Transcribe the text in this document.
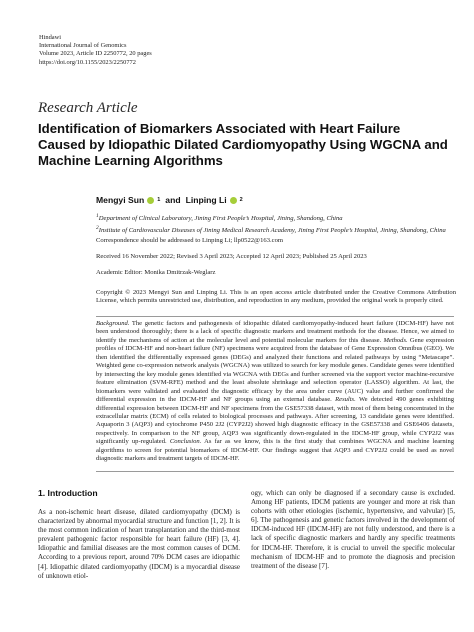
Hindawi
International Journal of Genomics
Volume 2023, Article ID 2250772, 20 pages
https://doi.org/10.1155/2023/2250772
Research Article
Identification of Biomarkers Associated with Heart Failure Caused by Idiopathic Dilated Cardiomyopathy Using WGCNA and Machine Learning Algorithms
Mengyi Sun 1 and Linping Li 2
$^1$Department of Clinical Laboratory, Jining First People’s Hospital, Jining, Shandong, China
$^2$Institute of Cardiovascular Diseases of Jining Medical Research Academy, Jining First People’s Hospital, Jining, Shandong, China
Correspondence should be addressed to Linping Li; llp0522@163.com
Received 16 November 2022; Revised 3 April 2023; Accepted 12 April 2023; Published 25 April 2023
Academic Editor: Monika Dmitrzak-Weglarz
Copyright © 2023 Mengyi Sun and Linping Li. This is an open access article distributed under the Creative Commons Attribution License, which permits unrestricted use, distribution, and reproduction in any medium, provided the original work is properly cited.
Background. The genetic factors and pathogenesis of idiopathic dilated cardiomyopathy-induced heart failure (IDCM-HF) have not been understood thoroughly; there is a lack of specific diagnostic markers and treatment methods for the disease. Hence, we aimed to identify the mechanisms of action at the molecular level and potential molecular markers for this disease. Methods. Gene expression profiles of IDCM-HF and non-heart failure (NF) specimens were acquired from the database of Gene Expression Omnibus (GEO). We then identified the differentially expressed genes (DEGs) and analyzed their functions and related pathways by using “Metascape”. Weighted gene co-expression network analysis (WGCNA) was utilized to search for key module genes. Candidate genes were identified by intersecting the key module genes identified via WGCNA with DEGs and further screened via the support vector machine-recursive feature elimination (SVM-RFE) method and the least absolute shrinkage and selection operator (LASSO) algorithm. At last, the biomarkers were validated and evaluated the diagnostic efficacy by the area under curve (AUC) value and further confirmed the differential expression in the IDCM-HF and NF groups using an external database. Results. We detected 490 genes exhibiting differential expression between IDCM-HF and NF specimens from the GSE57338 dataset, with most of them being concentrated in the extracellular matrix (ECM) of cells related to biological processes and pathways. After screening, 13 candidate genes were identified. Aquaporin 3 (AQP3) and cytochrome P450 2J2 (CYP2J2) showed high diagnostic efficacy in the GSE57338 and GSE6406 datasets, respectively. In comparison to the NF group, AQP3 was significantly down-regulated in the IDCM-HF group, while CYP2J2 was significantly up-regulated. Conclusion. As far as we know, this is the first study that combines WGCNA and machine learning algorithms to screen for potential biomarkers of IDCM-HF. Our findings suggest that AQP3 and CYP2J2 could be used as novel diagnostic markers and treatment targets of IDCM-HF.
1. Introduction
As a non-ischemic heart disease, dilated cardiomyopathy (DCM) is characterized by abnormal myocardial structure and function [1, 2]. It is the most common indication of heart transplantation and the third-most prevalent pathogenic factor responsible for heart failure (HF) [3, 4]. Idiopathic and familial diseases are the most common causes of DCM. According to a previous report, around 70% DCM cases are idiopathic [4]. Idiopathic dilated cardiomyopathy (IDCM) is a myocardial disease of unknown etiol-
ogy, which can only be diagnosed if a secondary cause is excluded. Among HF patients, IDCM patients are younger and more at risk than cohorts with other etiologies (ischemic, hypertensive, and valvular) [5, 6]. The pathogenesis and genetic factors involved in the development of IDCM-induced HF (IDCM-HF) are not fully understood, and there is a lack of specific diagnostic markers and hardly any specific treatments for IDCM-HF. Therefore, it is crucial to unveil the specific molecular mechanism of IDCM-HF and to promote the diagnosis and precision treatment of the disease [7].
